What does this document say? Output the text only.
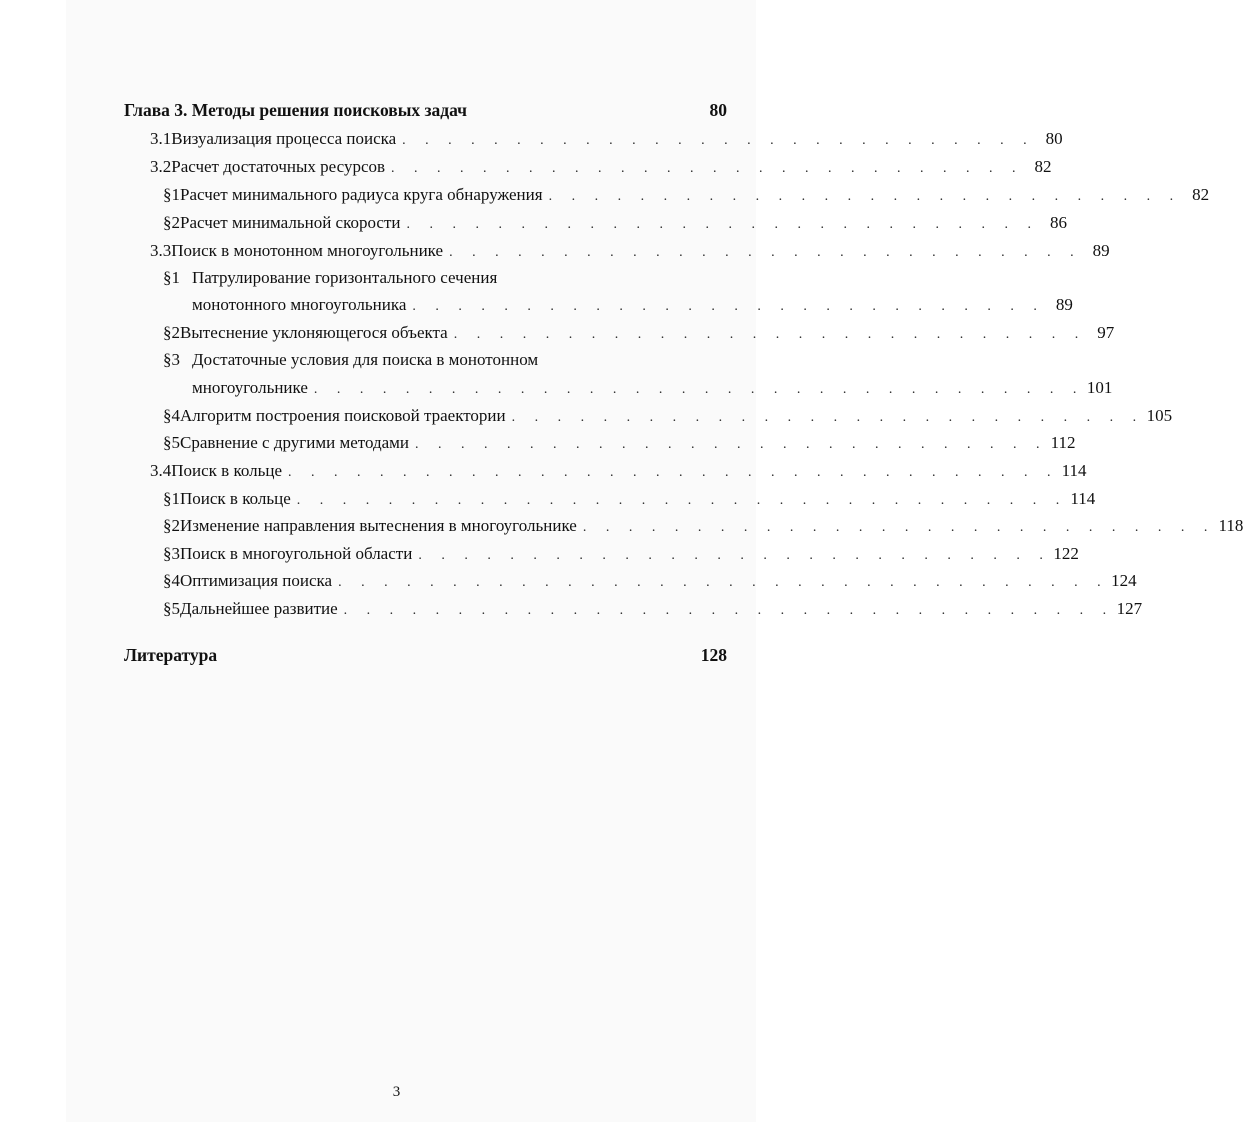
Глава 3. Методы решения поисковых задач	80
3.1 Визуализация процесса поиска . . . . . . . . . . . . . . . . . . . . . . . . . . . . 80
3.2 Расчет достаточных ресурсов . . . . . . . . . . . . . . . . . . . . . . . . . . . . 82
§1 Расчет минимального радиуса круга обнаружения . . . . . . . . . . . . . . . . . . . . . . . . . . . . 82
§2 Расчет минимальной скорости . . . . . . . . . . . . . . . . . . . . . . . . . . . . 86
3.3 Поиск в монотонном многоугольнике . . . . . . . . . . . . . . . . . . . . . . . . . . . . 89
§1 Патрулирование горизонтального сечения
монотонного многоугольника . . . . . . . . . . . . . . . . . . . . . . . . . . . . 89
§2 Вытеснение уклоняющегося объекта . . . . . . . . . . . . . . . . . . . . . . . . . . . . 97
§3 Достаточные условия для поиска в монотонном
многоугольнике . . . . . . . . . . . . . . . . . . . . . . . . . . . . . . . . . . 101
§4 Алгоритм построения поисковой траектории . . . . . . . . . . . . . . . . . . . . . . . . . . . . 105
§5 Сравнение с другими методами . . . . . . . . . . . . . . . . . . . . . . . . . . . . 112
3.4 Поиск в кольце . . . . . . . . . . . . . . . . . . . . . . . . . . . . . . . . . . 114
§1 Поиск в кольце . . . . . . . . . . . . . . . . . . . . . . . . . . . . . . . . . . 114
§2 Изменение направления вытеснения в многоугольнике . . . . . . . . . . . . . . . . . . . . . . . . . . . . 118
§3 Поиск в многоугольной области . . . . . . . . . . . . . . . . . . . . . . . . . . . . 122
§4 Оптимизация поиска . . . . . . . . . . . . . . . . . . . . . . . . . . . . . . . . . . 124
§5 Дальнейшее развитие . . . . . . . . . . . . . . . . . . . . . . . . . . . . . . . . . . 127
Литература	128
3
